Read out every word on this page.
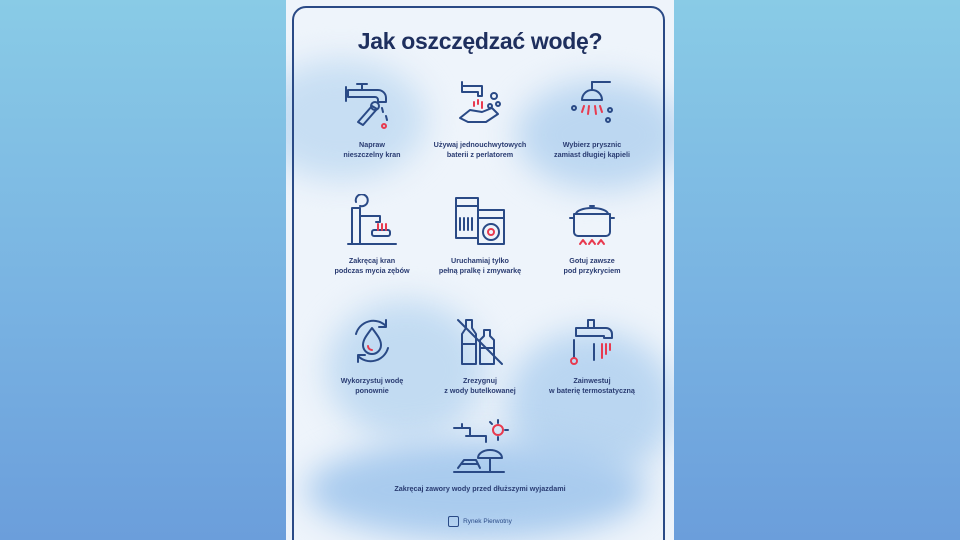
Jak oszczędzać wodę?
Napraw
nieszczelny kran
Używaj jednouchwytowych
baterii z perlatorem
Wybierz prysznic
zamiast długiej kąpieli
Zakręcaj kran
podczas mycia zębów
Uruchamiaj tylko
pełną pralkę i zmywarkę
Gotuj zawsze
pod przykryciem
Wykorzystuj wodę
ponownie
Zrezygnuj
z wody butelkowanej
Zainwestuj
w baterię termostatyczną
Zakręcaj zawory wody przed dłuższymi wyjazdami
Rynek Pierwotny
